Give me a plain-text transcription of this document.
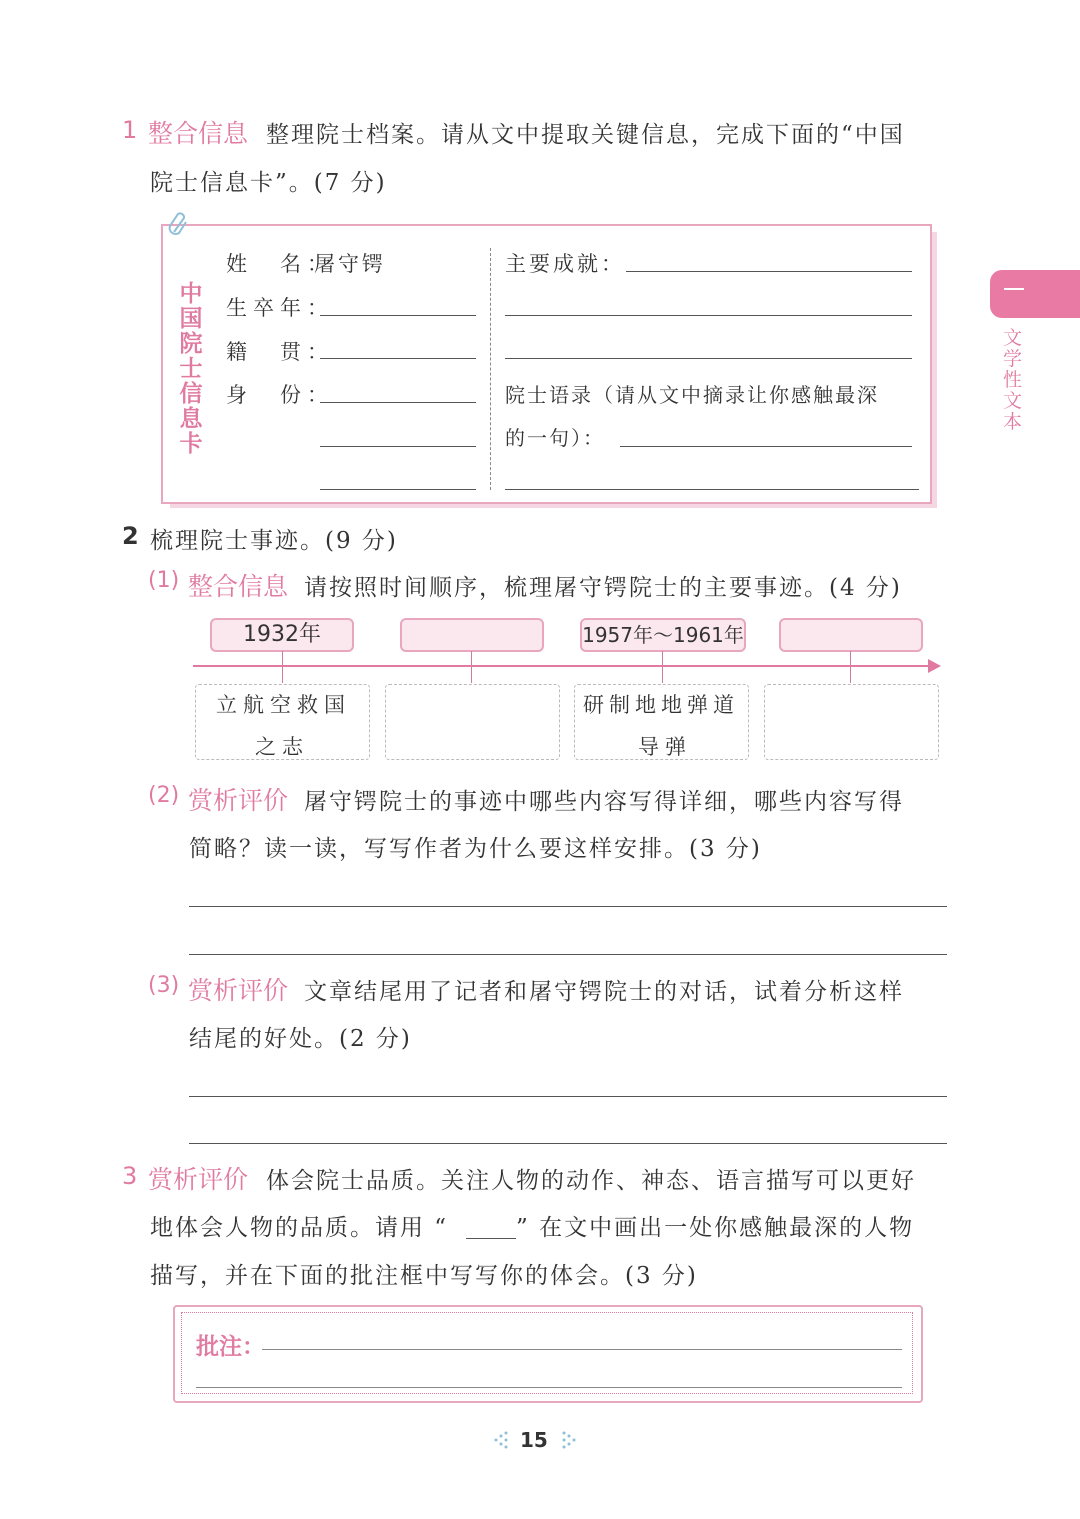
文学性文本
1 整合信息 整理院士档案。请从文中提取关键信息，完成下面的“中国
院士信息卡”。(7 分)
中国院士信息卡
姓　名：
屠守锷
生卒年：
籍　贯：
身　份：
主要成就：
院士语录（请从文中摘录让你感触最深
的一句）：
2 梳理院士事迹。(9 分)
(1) 整合信息 请按照时间顺序，梳理屠守锷院士的主要事迹。(4 分)
1932年	1957年～1961年
立航空救国
之志
研制地地弹道
导弹
(2) 赏析评价 屠守锷院士的事迹中哪些内容写得详细，哪些内容写得
简略？读一读，写写作者为什么要这样安排。(3 分)
(3) 赏析评价 文章结尾用了记者和屠守锷院士的对话，试着分析这样
结尾的好处。(2 分)
3 赏析评价 体会院士品质。关注人物的动作、神态、语言描写可以更好
地体会人物的品质。请用 “	” 在文中画出一处你感触最深的人物
描写，并在下面的批注框中写写你的体会。(3 分)
批注：
15
